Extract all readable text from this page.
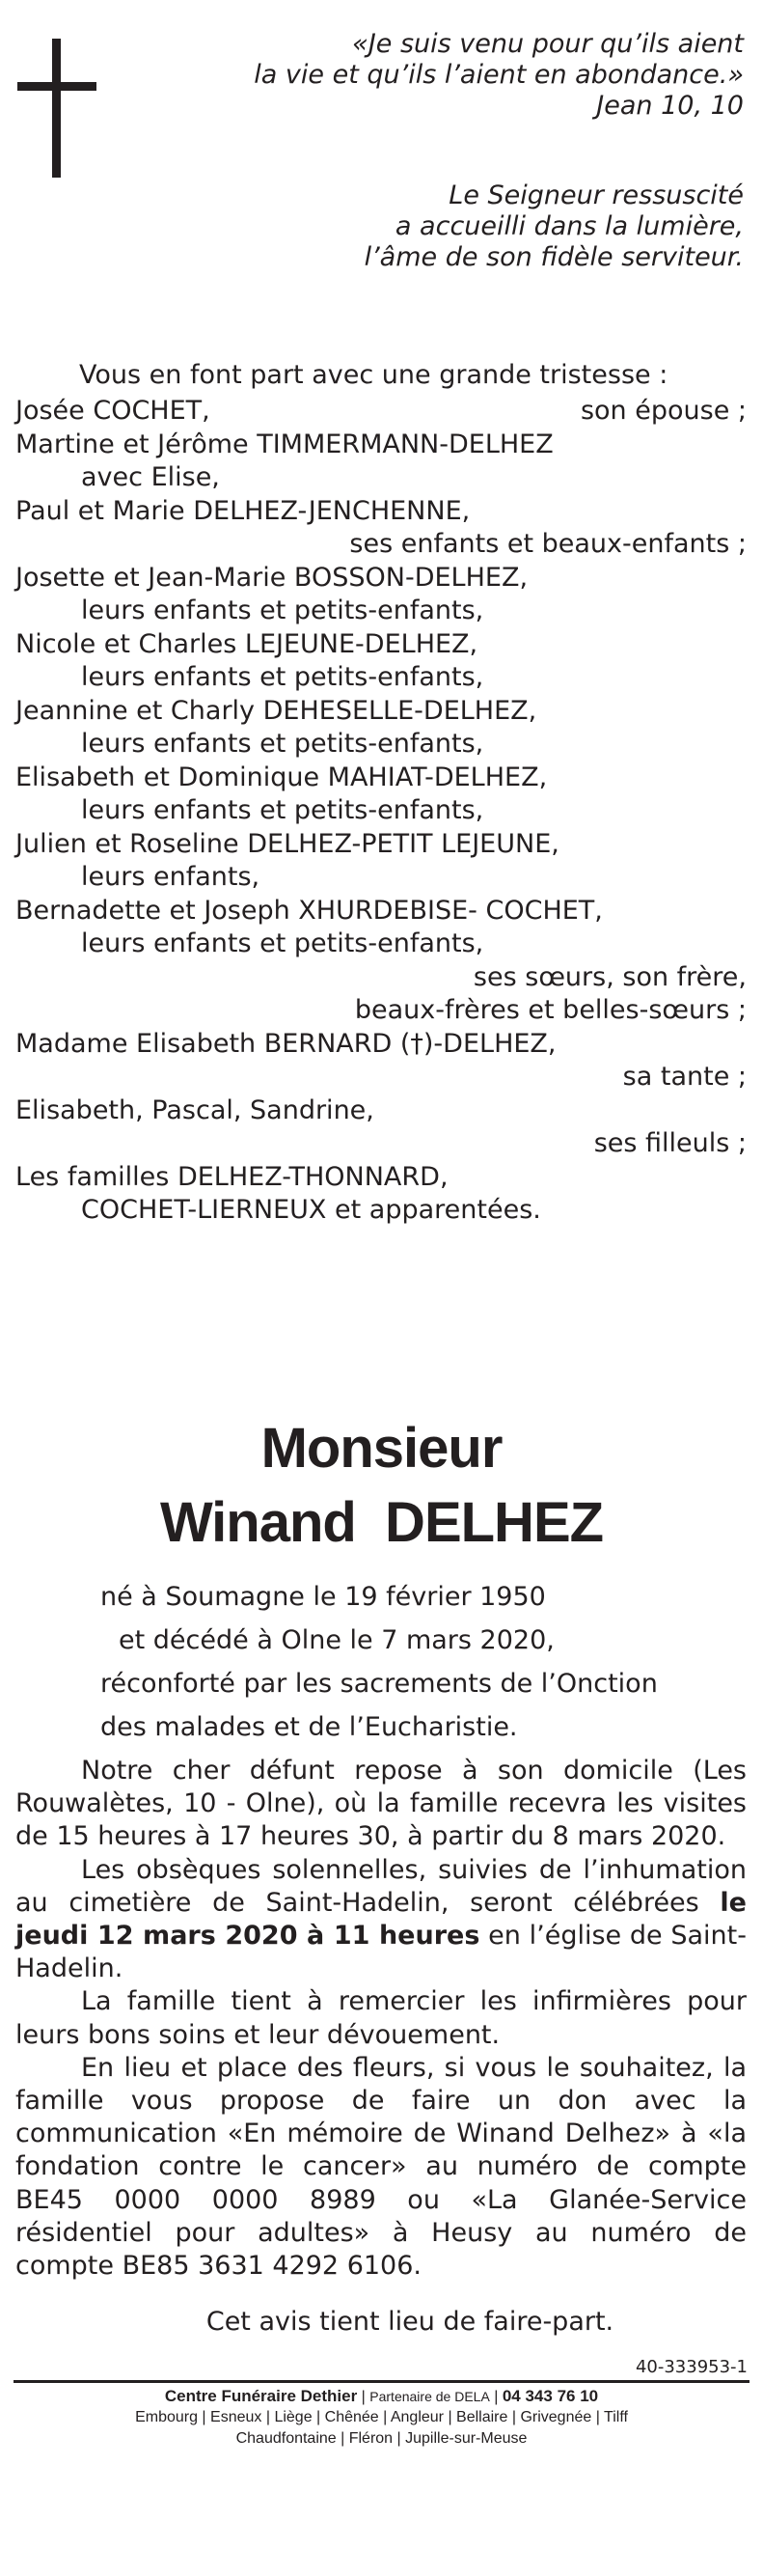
«Je suis venu pour qu’ils aient
la vie et qu’ils l’aient en abondance.»
Jean 10, 10
Le Seigneur ressuscité
a accueilli dans la lumière,
l’âme de son fidèle serviteur.
Vous en font part avec une grande tristesse :
Josée COCHET,	son épouse ;
Martine et Jérôme TIMMERMANN-DELHEZ
avec Elise,
Paul et Marie DELHEZ-JENCHENNE,
ses enfants et beaux-enfants ;
Josette et Jean-Marie BOSSON-DELHEZ,
leurs enfants et petits-enfants,
Nicole et Charles LEJEUNE-DELHEZ,
leurs enfants et petits-enfants,
Jeannine et Charly DEHESELLE-DELHEZ,
leurs enfants et petits-enfants,
Elisabeth et Dominique MAHIAT-DELHEZ,
leurs enfants et petits-enfants,
Julien et Roseline DELHEZ-PETIT LEJEUNE,
leurs enfants,
Bernadette et Joseph XHURDEBISE- COCHET,
leurs enfants et petits-enfants,
ses sœurs, son frère,
beaux-frères et belles-sœurs ;
Madame Elisabeth BERNARD (†)-DELHEZ,
sa tante ;
Elisabeth, Pascal, Sandrine,
ses filleuls ;
Les familles DELHEZ-THONNARD,
COCHET-LIERNEUX et apparentées.
Monsieur
Winand  DELHEZ
né à Soumagne le 19 février 1950
et décédé à Olne le 7 mars 2020,
réconforté par les sacrements de l’Onction
des malades et de l’Eucharistie.

Notre cher défunt repose à son domicile (Les Rouwalètes, 10 - Olne), où la famille recevra les visites de 15 heures à 17 heures 30, à partir du 8 mars 2020.

Les obsèques solennelles, suivies de l’inhumation au cimetière de Saint-Hadelin, seront célébrées le jeudi 12 mars 2020 à 11 heures en l’église de Saint-Hadelin.

La famille tient à remercier les infirmières pour leurs bons soins et leur dévouement.

En lieu et place des fleurs, si vous le souhaitez, la famille vous propose de faire un don avec la communication «En mémoire de Winand Delhez» à «la fondation contre le cancer» au numéro de compte BE45 0000 0000 8989 ou «La Glanée-Service résidentiel pour adultes» à Heusy au numéro de compte BE85 3631 4292 6106.

Cet avis tient lieu de faire-part.
40-333953-1
Centre Funéraire Dethier | Partenaire de DELA | 04 343 76 10
Embourg | Esneux | Liège | Chênée | Angleur | Bellaire | Grivegnée | Tilff
Chaudfontaine | Fléron | Jupille-sur-Meuse
